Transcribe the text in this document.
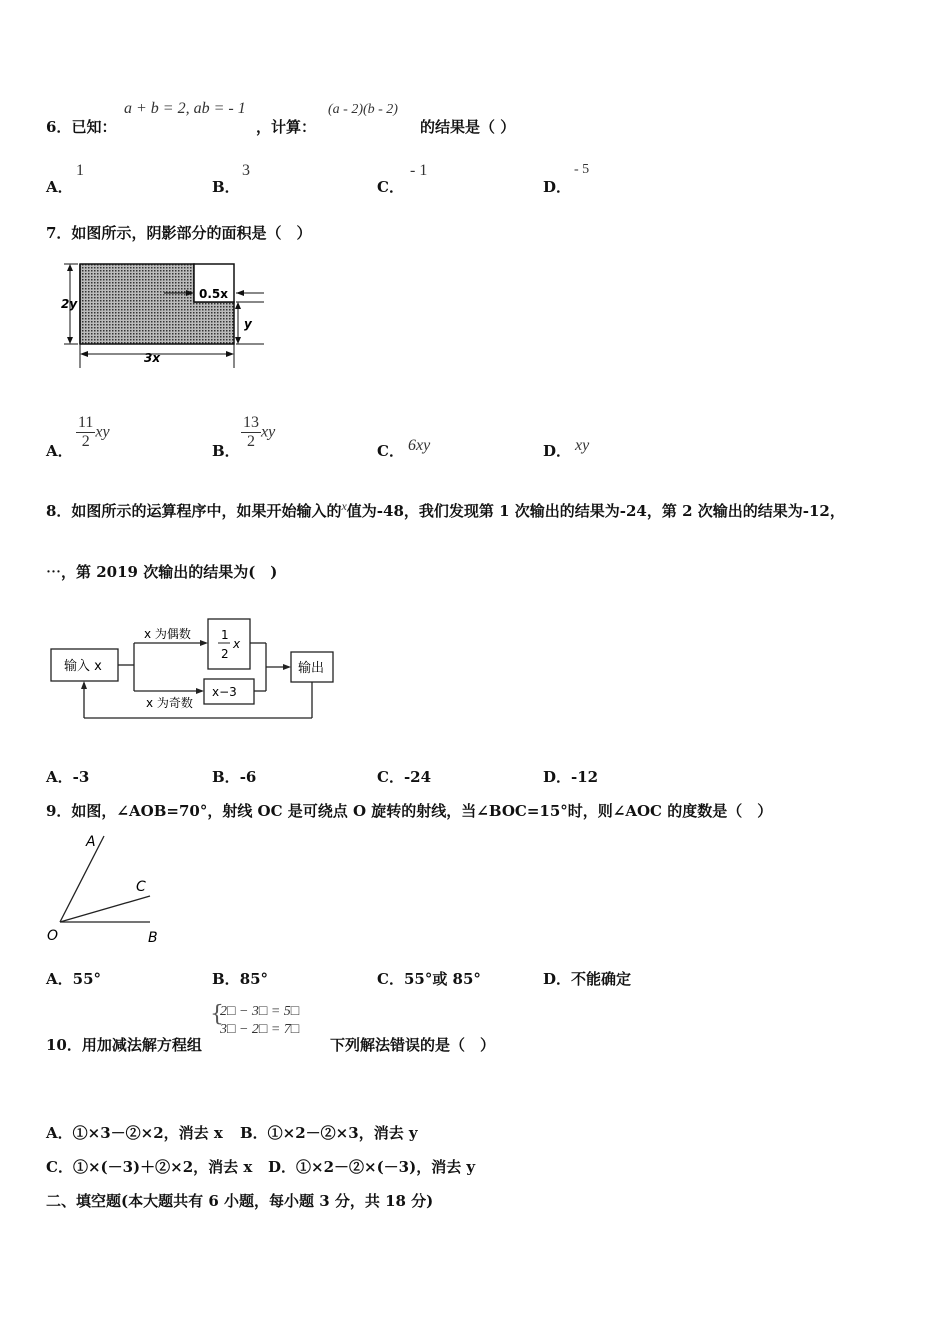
6．已知：
a + b = 2, ab = - 1
，计算：
(a - 2)(b - 2)
的结果是（ ）
A．
1
B．
3
C．
- 1
D．
- 5
7．如图所示，阴影部分的面积是（　）
2y
0.5x
y
3x
A． $\frac{11}{2}$ xy
B． $\frac{13}{2}$ xy
C． 6xy	D． xy
8．如图所示的运算程序中，如果开始输入的$^x$值为-48，我们发现第 1 次输出的结果为-24，第 2 次输出的结果为-12，
⋯，第 2019 次输出的结果为(　)
输入 x
x 为偶数
x 为奇数
1
2
x
x−3
输出
A．-3	B．-6	C．-24	D．-12
9．如图，∠AOB=70°，射线 OC 是可绕点 O 旋转的射线，当∠BOC=15°时，则∠AOC 的度数是（　）
A
C
O	B
A．55°	B．85°	C．55°或 85°	D．不能确定
10．用加减法解方程组
{
2□ − 3□ = 5□
3□ − 2□ = 7□
下列解法错误的是（　）
A．①×3－②×2，消去 x B．①×2－②×3，消去 y
C．①×(－3)＋②×2，消去 x D．①×2－②×(－3)，消去 y
二、填空题(本大题共有 6 小题，每小题 3 分，共 18 分)
